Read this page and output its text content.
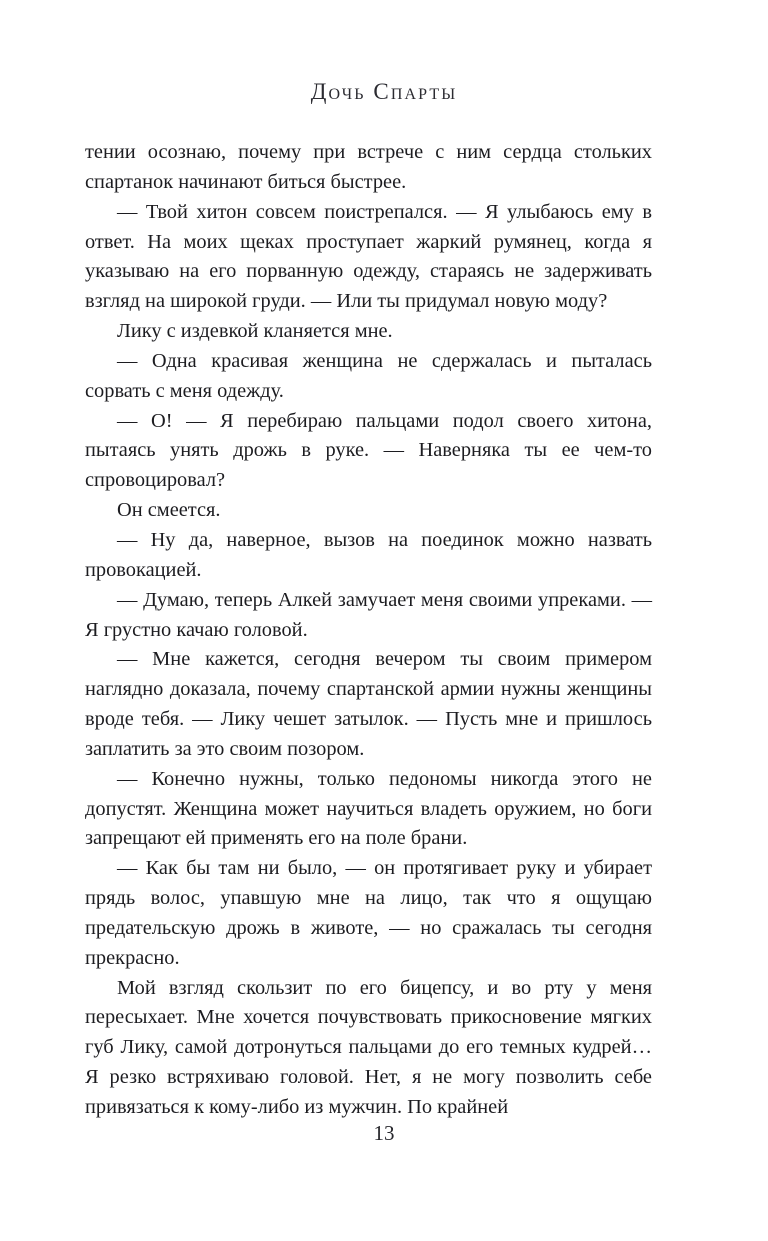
Дочь Спарты

тении осознаю, почему при встрече с ним сердца стольких спартанок начинают биться быстрее.

— Твой хитон совсем поистрепался. — Я улыбаюсь ему в ответ. На моих щеках проступает жаркий румянец, когда я указываю на его порванную одежду, стараясь не задерживать взгляд на широкой груди. — Или ты придумал новую моду?

Лику с издевкой кланяется мне.

— Одна красивая женщина не сдержалась и пыталась сорвать с меня одежду.

— О! — Я перебираю пальцами подол своего хитона, пытаясь унять дрожь в руке. — Наверняка ты ее чем-то спровоцировал?

Он смеется.

— Ну да, наверное, вызов на поединок можно назвать провокацией.

— Думаю, теперь Алкей замучает меня своими упреками. — Я грустно качаю головой.

— Мне кажется, сегодня вечером ты своим примером наглядно доказала, почему спартанской армии нужны женщины вроде тебя. — Лику чешет затылок. — Пусть мне и пришлось заплатить за это своим позором.

— Конечно нужны, только педономы никогда этого не допустят. Женщина может научиться владеть оружием, но боги запрещают ей применять его на поле брани.

— Как бы там ни было, — он протягивает руку и убирает прядь волос, упавшую мне на лицо, так что я ощущаю предательскую дрожь в животе, — но сражалась ты сегодня прекрасно.

Мой взгляд скользит по его бицепсу, и во рту у меня пересыхает. Мне хочется почувствовать прикосновение мягких губ Лику, самой дотронуться пальцами до его темных кудрей… Я резко встряхиваю головой. Нет, я не могу позволить себе привязаться к кому-либо из мужчин. По крайней

13
